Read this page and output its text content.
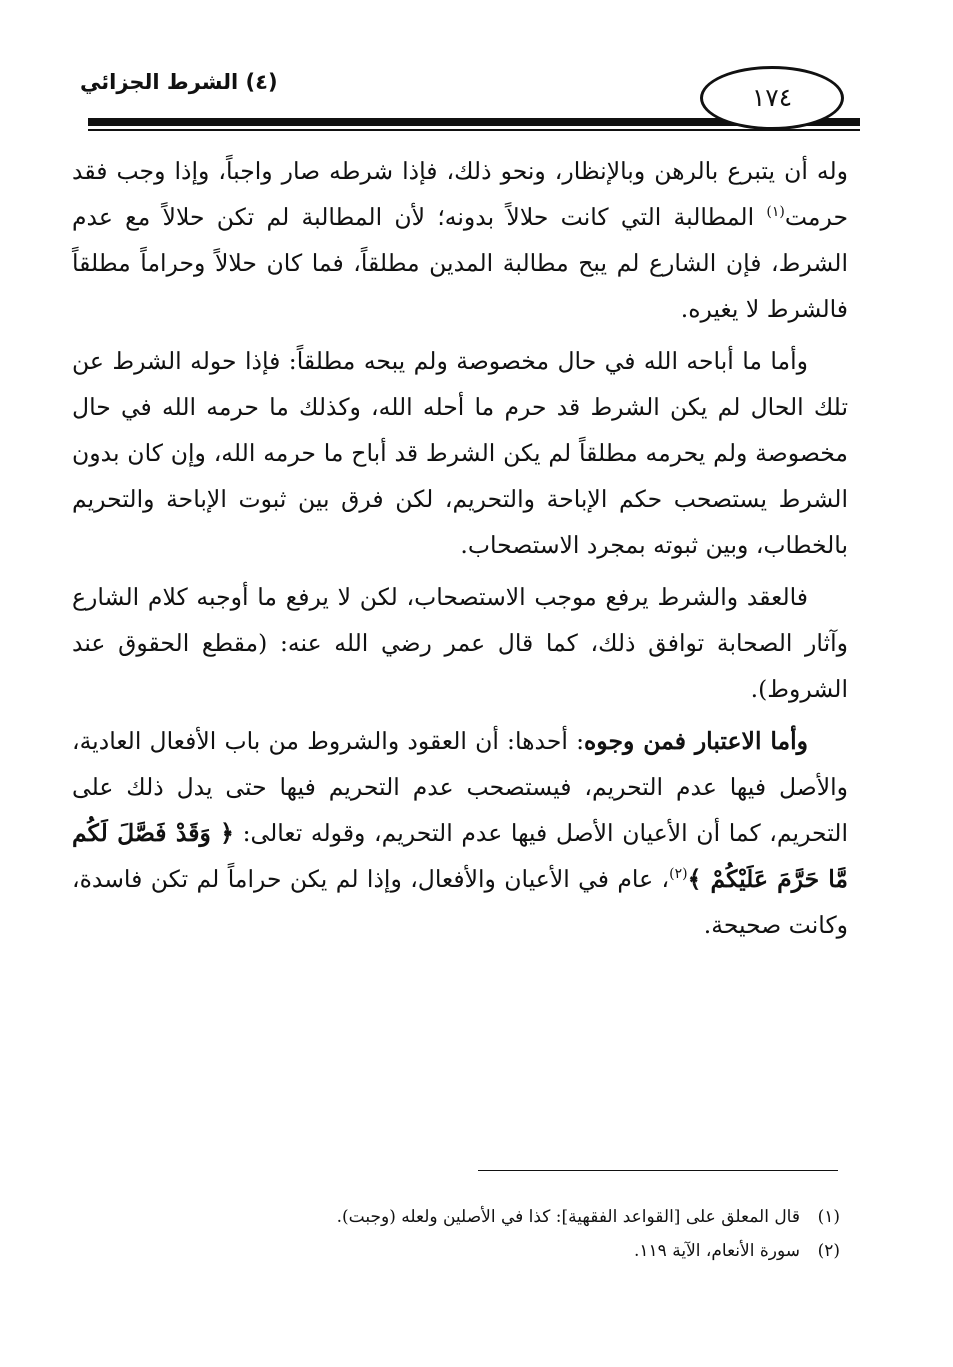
(٤) الشرط الجزائي
١٧٤

وله أن يتبرع بالرهن وبالإنظار، ونحو ذلك، فإذا شرطه صار واجباً، وإذا وجب فقد حرمت$^{(١)}$ المطالبة التي كانت حلالاً بدونه؛ لأن المطالبة لم تكن حلالاً مع عدم الشرط، فإن الشارع لم يبح مطالبة المدين مطلقاً، فما كان حلالاً وحراماً مطلقاً فالشرط لا يغيره.

وأما ما أباحه الله في حال مخصوصة ولم يبحه مطلقاً: فإذا حوله الشرط عن تلك الحال لم يكن الشرط قد حرم ما أحله الله، وكذلك ما حرمه الله في حال مخصوصة ولم يحرمه مطلقاً لم يكن الشرط قد أباح ما حرمه الله، وإن كان بدون الشرط يستصحب حكم الإباحة والتحريم، لكن فرق بين ثبوت الإباحة والتحريم بالخطاب، وبين ثبوته بمجرد الاستصحاب.

فالعقد والشرط يرفع موجب الاستصحاب، لكن لا يرفع ما أوجبه كلام الشارع وآثار الصحابة توافق ذلك، كما قال عمر رضي الله عنه: (مقطع الحقوق عند الشروط).

وأما الاعتبار فمن وجوه: أحدها: أن العقود والشروط من باب الأفعال العادية، والأصل فيها عدم التحريم، فيستصحب عدم التحريم فيها حتى يدل ذلك على التحريم، كما أن الأعيان الأصل فيها عدم التحريم، وقوله تعالى: ﴿ وَقَدْ فَصَّلَ لَكُم مَّا حَرَّمَ عَلَيْكُمْ ﴾$^{(٢)}$، عام في الأعيان والأفعال، وإذا لم يكن حراماً لم تكن فاسدة، وكانت صحيحة.

(١)قال المعلق على [القواعد الفقهية]: كذا في الأصلين ولعله (وجبت).
(٢)سورة الأنعام، الآية ١١٩.
